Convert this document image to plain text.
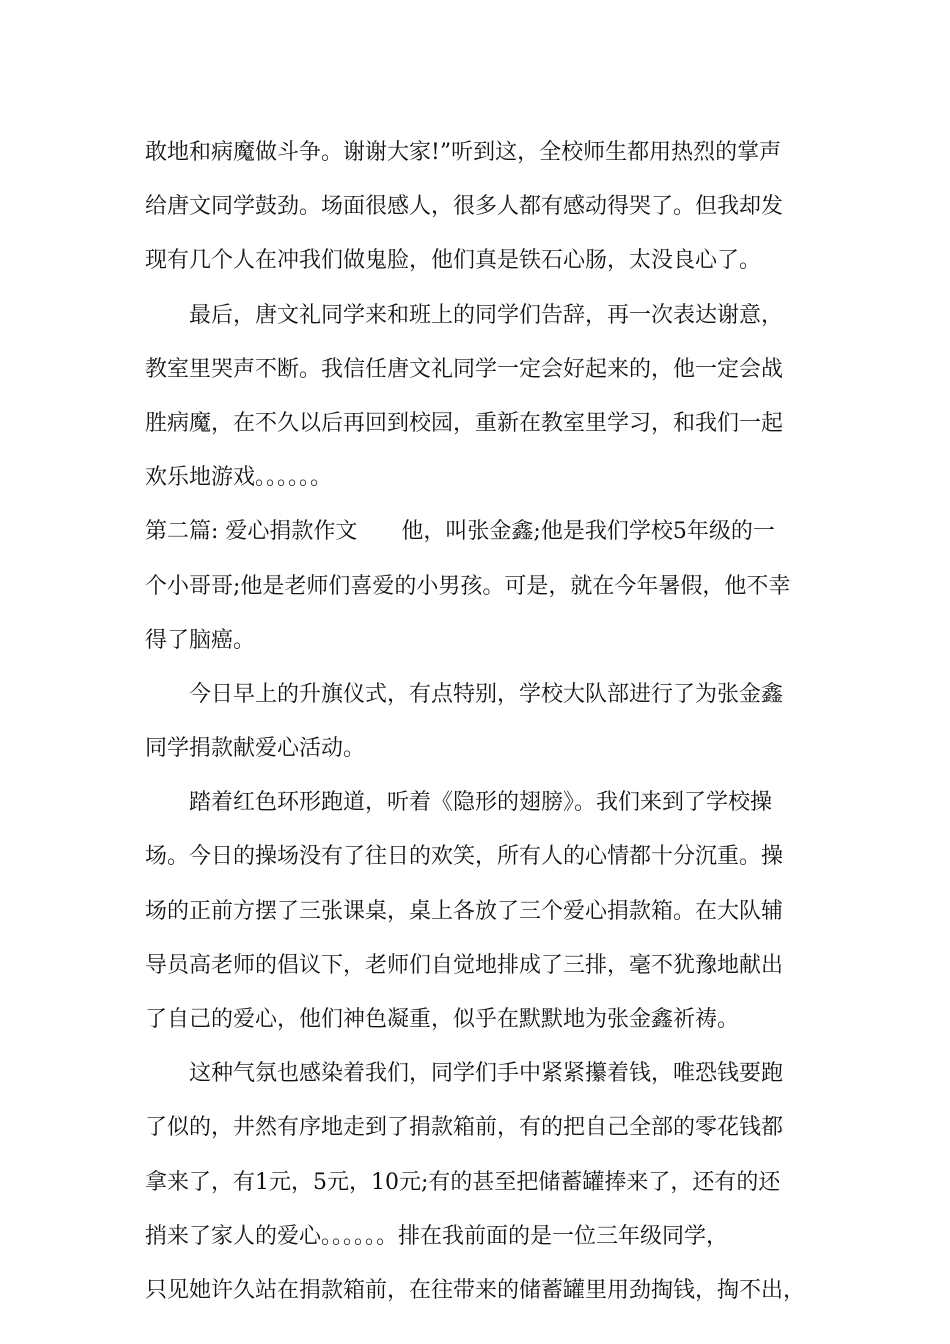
敢地和病魔做斗争。谢谢大家!”听到这，全校师生都用热烈的掌声
给唐文同学鼓劲。场面很感人，很多人都有感动得哭了。但我却发
现有几个人在冲我们做鬼脸，他们真是铁石心肠，太没良心了。
最后，唐文礼同学来和班上的同学们告辞，再一次表达谢意，
教室里哭声不断。我信任唐文礼同学一定会好起来的，他一定会战
胜病魔，在不久以后再回到校园，重新在教室里学习，和我们一起
欢乐地游戏。。。。。。
第二篇: 爱心捐款作文　　他，叫张金鑫;他是我们学校5年级的一
个小哥哥;他是老师们喜爱的小男孩。可是，就在今年暑假，他不幸
得了脑癌。
今日早上的升旗仪式，有点特别，学校大队部进行了为张金鑫
同学捐款献爱心活动。
踏着红色环形跑道，听着《隐形的翅膀》。我们来到了学校操
场。今日的操场没有了往日的欢笑，所有人的心情都十分沉重。操
场的正前方摆了三张课桌，桌上各放了三个爱心捐款箱。在大队辅
导员高老师的倡议下，老师们自觉地排成了三排，毫不犹豫地献出
了自己的爱心，他们神色凝重，似乎在默默地为张金鑫祈祷。
这种气氛也感染着我们，同学们手中紧紧攥着钱，唯恐钱要跑
了似的，井然有序地走到了捐款箱前，有的把自己全部的零花钱都
拿来了，有1元，5元，10元;有的甚至把储蓄罐捧来了，还有的还
捎来了家人的爱心。。。。。。排在我前面的是一位三年级同学，
只见她许久站在捐款箱前，在往带来的储蓄罐里用劲掏钱，掏不出，
